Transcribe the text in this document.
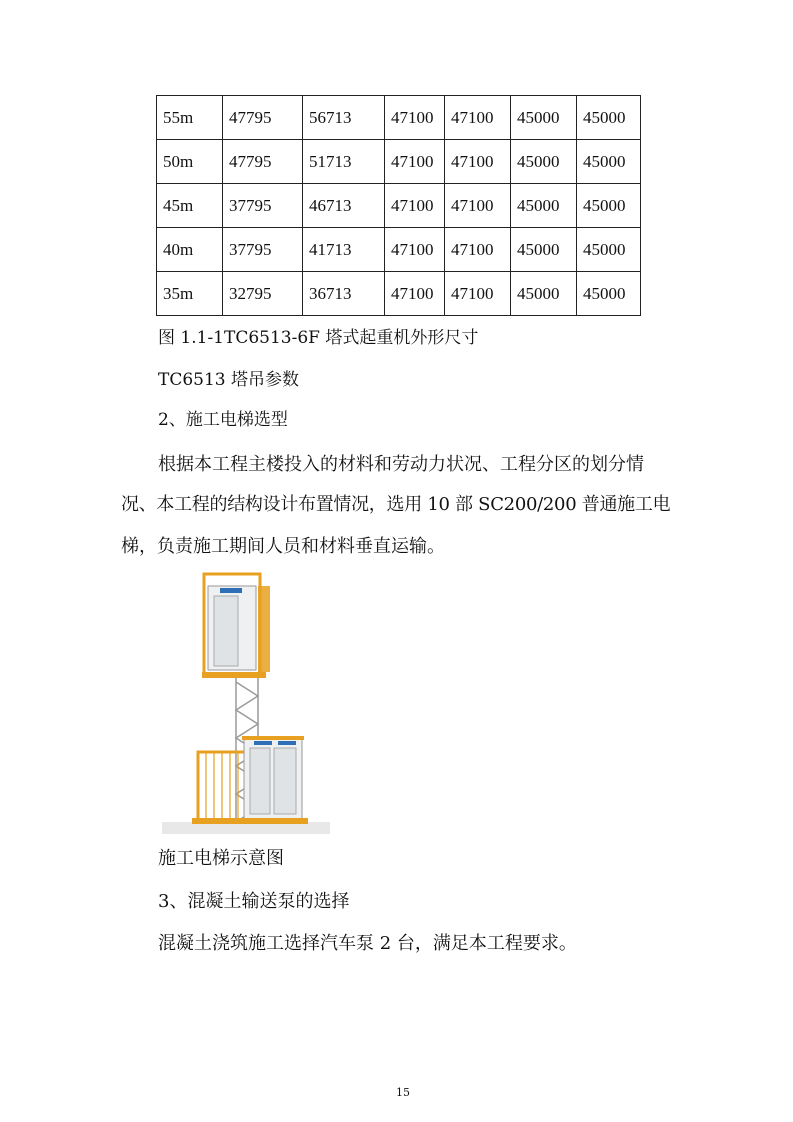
55m	47795	56713	47100	47100	45000	45000
50m	47795	51713	47100	47100	45000	45000
45m	37795	46713	47100	47100	45000	45000
40m	37795	41713	47100	47100	45000	45000
35m	32795	36713	47100	47100	45000	45000
图 1.1-1TC6513-6F 塔式起重机外形尺寸
TC6513 塔吊参数
2、施工电梯选型
根据本工程主楼投入的材料和劳动力状况、工程分区的划分情
况、本工程的结构设计布置情况，选用 10 部 SC200/200 普通施工电
梯，负责施工期间人员和材料垂直运输。
施工电梯示意图
3、混凝土输送泵的选择
混凝土浇筑施工选择汽车泵 2 台，满足本工程要求。
15
